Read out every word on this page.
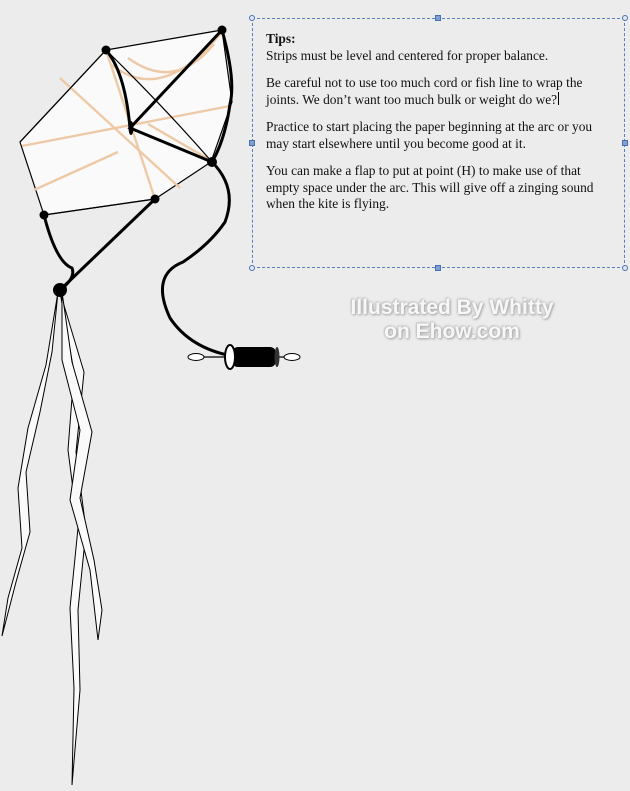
Tips:
Strips must be level and centered for proper balance.

Be careful not to use too much cord or fish line to wrap the joints. We don’t want too much bulk or weight do we?

Practice to start placing the paper beginning at the arc or you may start elsewhere until you become good at it.

You can make a flap to put at point (H) to make use of that empty space under the arc. This will give off a zinging sound when the kite is flying.

Illustrated By Whitty
on Ehow.com
